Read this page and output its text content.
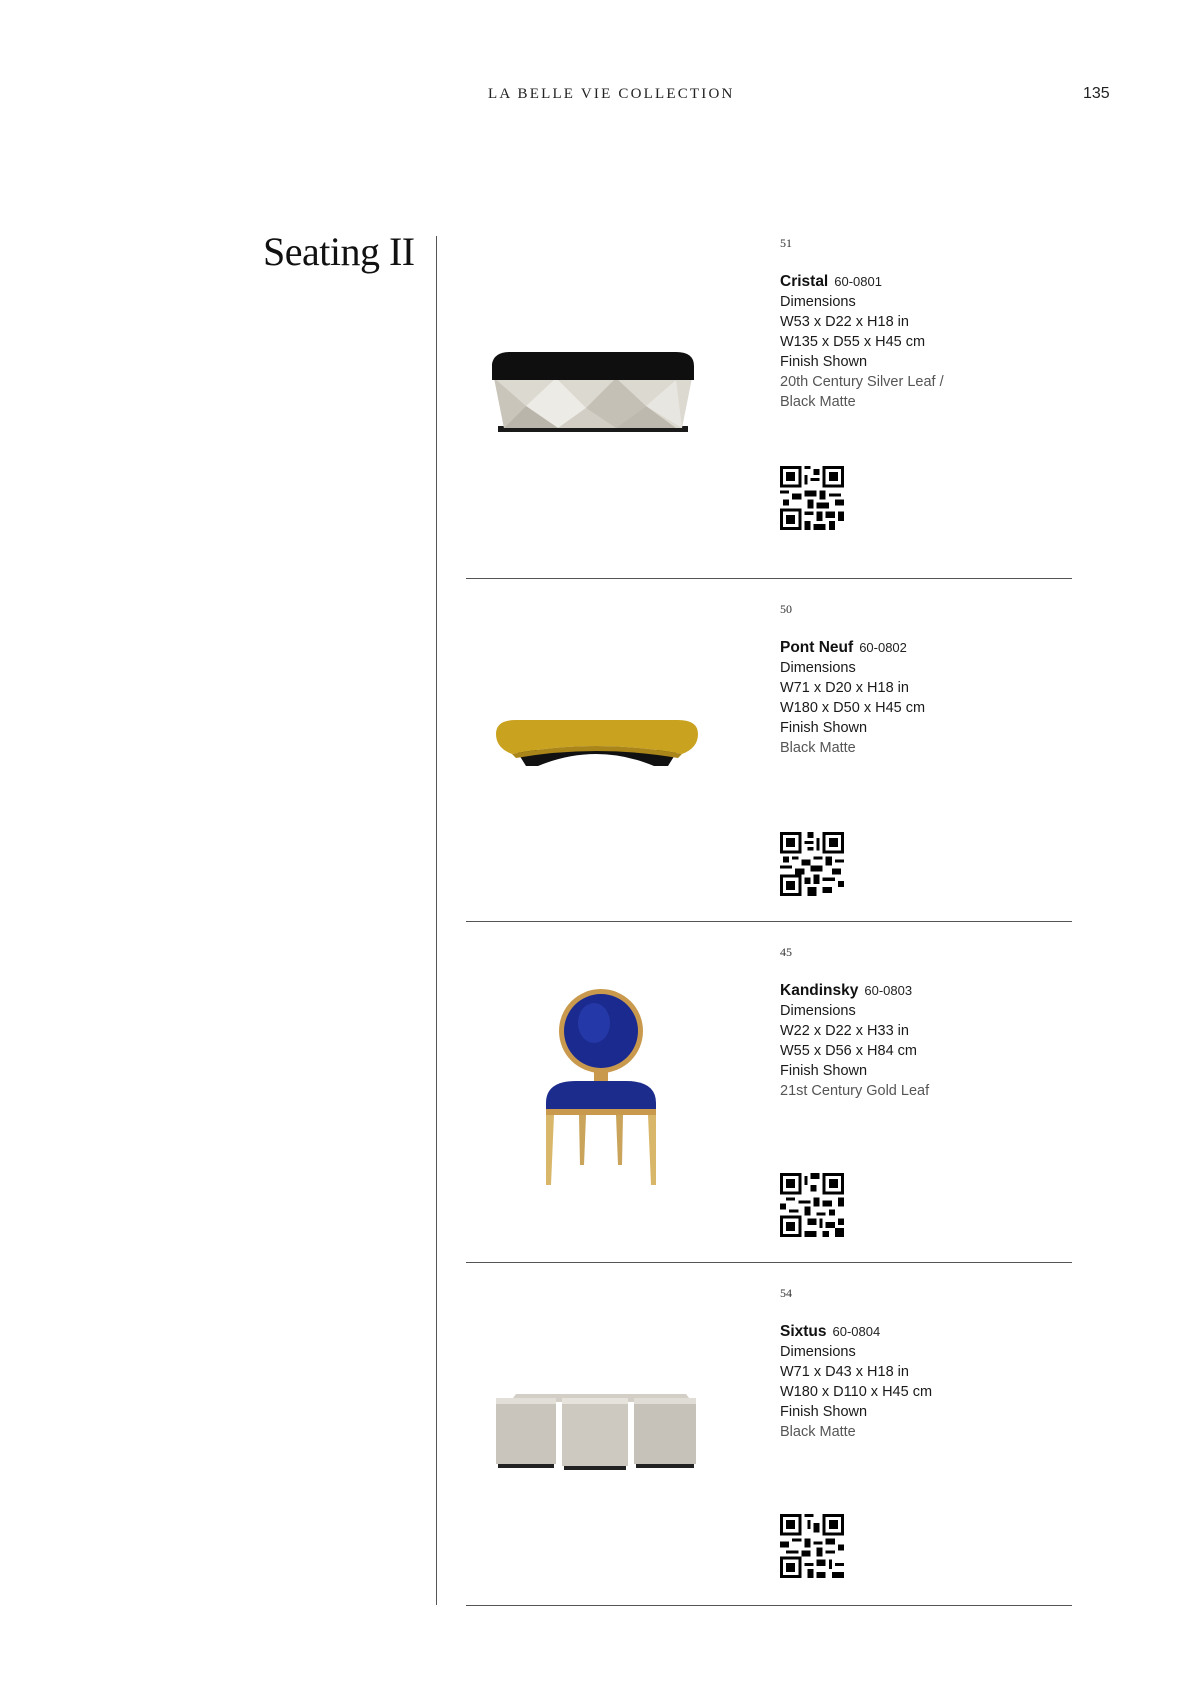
LA BELLE VIE COLLECTION	135
Seating II	51
Cristal 60-0801
Dimensions
W53 x D22 x H18 in
W135 x D55 x H45 cm
Finish Shown
20th Century Silver Leaf /
Black Matte
50
Pont Neuf 60-0802
Dimensions
W71 x D20 x H18 in
W180 x D50 x H45 cm
Finish Shown
Black Matte
45
Kandinsky 60-0803
Dimensions
W22 x D22 x H33 in
W55 x D56 x H84 cm
Finish Shown
21st Century Gold Leaf
54
Sixtus 60-0804
Dimensions
W71 x D43 x H18 in
W180 x D110 x H45 cm
Finish Shown
Black Matte
